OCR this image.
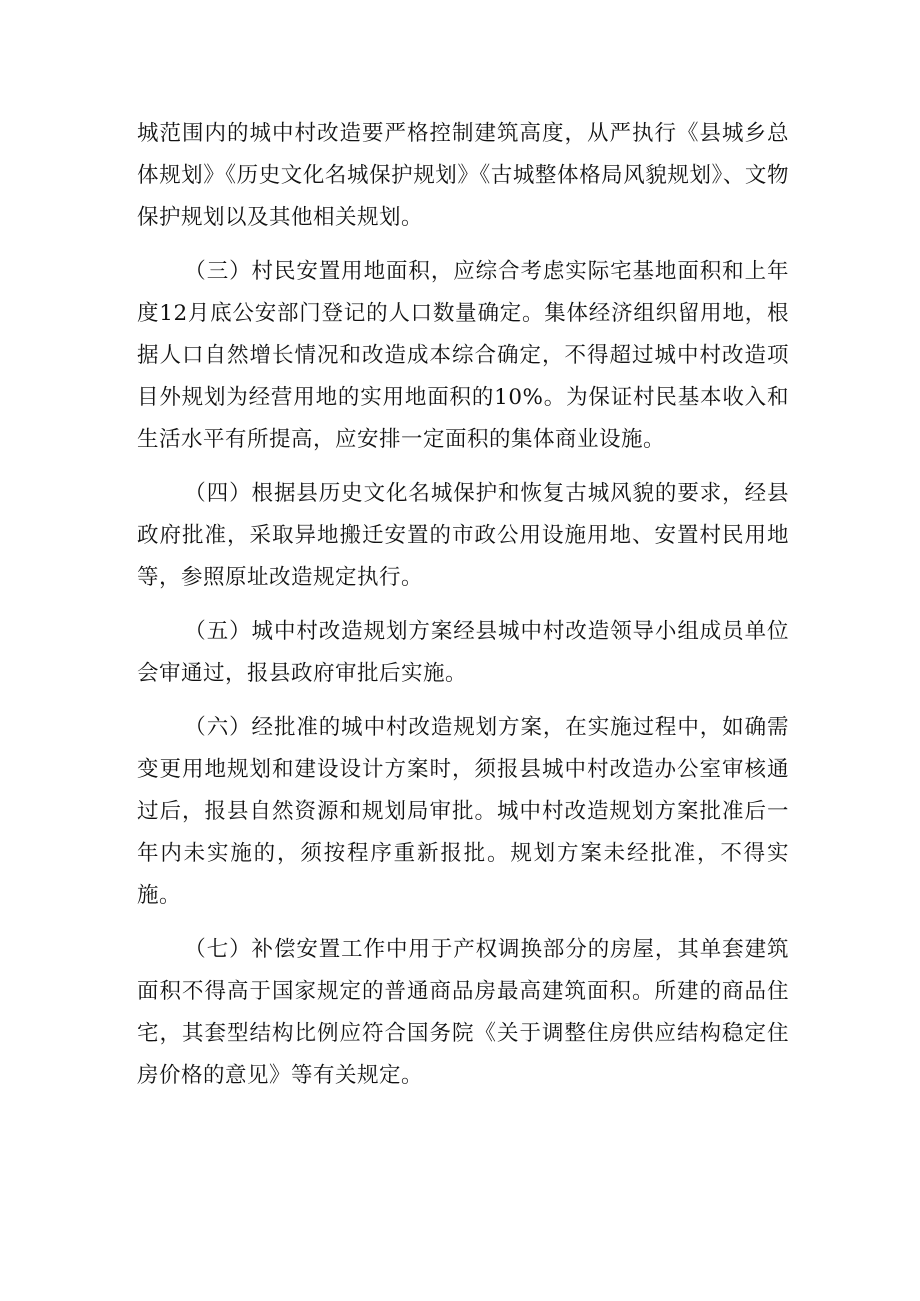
城范围内的城中村改造要严格控制建筑高度，从严执行《县城乡总体规划》《历史文化名城保护规划》《古城整体格局风貌规划》、文物保护规划以及其他相关规划。

（三）村民安置用地面积，应综合考虑实际宅基地面积和上年度12月底公安部门登记的人口数量确定。集体经济组织留用地，根据人口自然增长情况和改造成本综合确定，不得超过城中村改造项目外规划为经营用地的实用地面积的10%。为保证村民基本收入和生活水平有所提高，应安排一定面积的集体商业设施。

（四）根据县历史文化名城保护和恢复古城风貌的要求，经县政府批准，采取异地搬迁安置的市政公用设施用地、安置村民用地等，参照原址改造规定执行。

（五）城中村改造规划方案经县城中村改造领导小组成员单位会审通过，报县政府审批后实施。

（六）经批准的城中村改造规划方案，在实施过程中，如确需变更用地规划和建设设计方案时，须报县城中村改造办公室审核通过后，报县自然资源和规划局审批。城中村改造规划方案批准后一年内未实施的，须按程序重新报批。规划方案未经批准，不得实施。

（七）补偿安置工作中用于产权调换部分的房屋，其单套建筑面积不得高于国家规定的普通商品房最高建筑面积。所建的商品住宅，其套型结构比例应符合国务院《关于调整住房供应结构稳定住房价格的意见》等有关规定。
